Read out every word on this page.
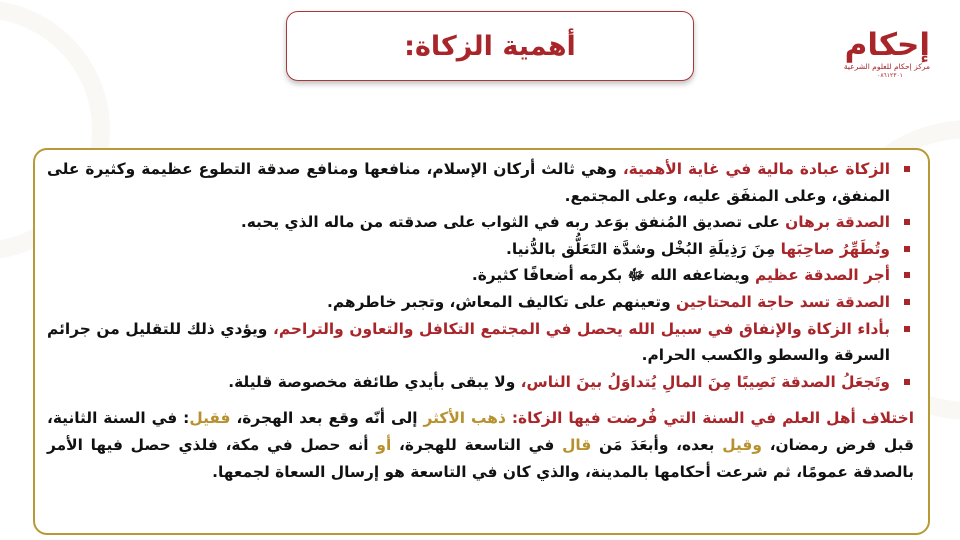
أهمية الزكاة:	إحكام
مركز إحكام للعلوم الشرعية
٠٨٦١٢٣٠١
الزكاة عبادة مالية في غاية الأهمية، وهي ثالث أركان الإسلام، منافعها ومنافع صدقة التطوع عظيمة وكثيرة على المنفق، وعلى المنفَق عليه، وعلى المجتمع.
الصدقة برهان على تصديق المُنفق بوَعد ربه في الثواب على صدقته من ماله الذي يحبه.
وتُطَهِّرُ صاحِبَها مِنَ رَذِيلَةِ البُخْل وشدَّة التَعَلُّق بالدُّنيا.
أجر الصدقة عظيم ويضاعفه الله ﷻ بكرمه أضعافًا كثيرة.
الصدقة تسد حاجة المحتاجين وتعينهم على تكاليف المعاش، وتجبر خاطرهم.
بأداء الزكاة والإنفاق في سبيل الله يحصل في المجتمع التكافل والتعاون والتراحم، ويؤدي ذلك للتقليل من جرائم السرقة والسطو والكسب الحرام.
وتَجعَلُ الصدقة نَصِيبًا مِنَ المالِ يُتداوَلُ بينَ الناس، ولا يبقى بأيدي طائفة مخصوصة قليلة.

اختلاف أهل العلم في السنة التي فُرضت فيها الزكاة: ذهب الأكثر إلى أنّه وقع بعد الهجرة، فقيل: في السنة الثانية، قبل فرض رمضان، وقيل بعده، وأبعَدَ مَن قال في التاسعة للهجرة، أو أنه حصل في مكة، فلذي حصل فيها الأمر بالصدقة عمومًا، ثم شرعت أحكامها بالمدينة، والذي كان في التاسعة هو إرسال السعاة لجمعها.
